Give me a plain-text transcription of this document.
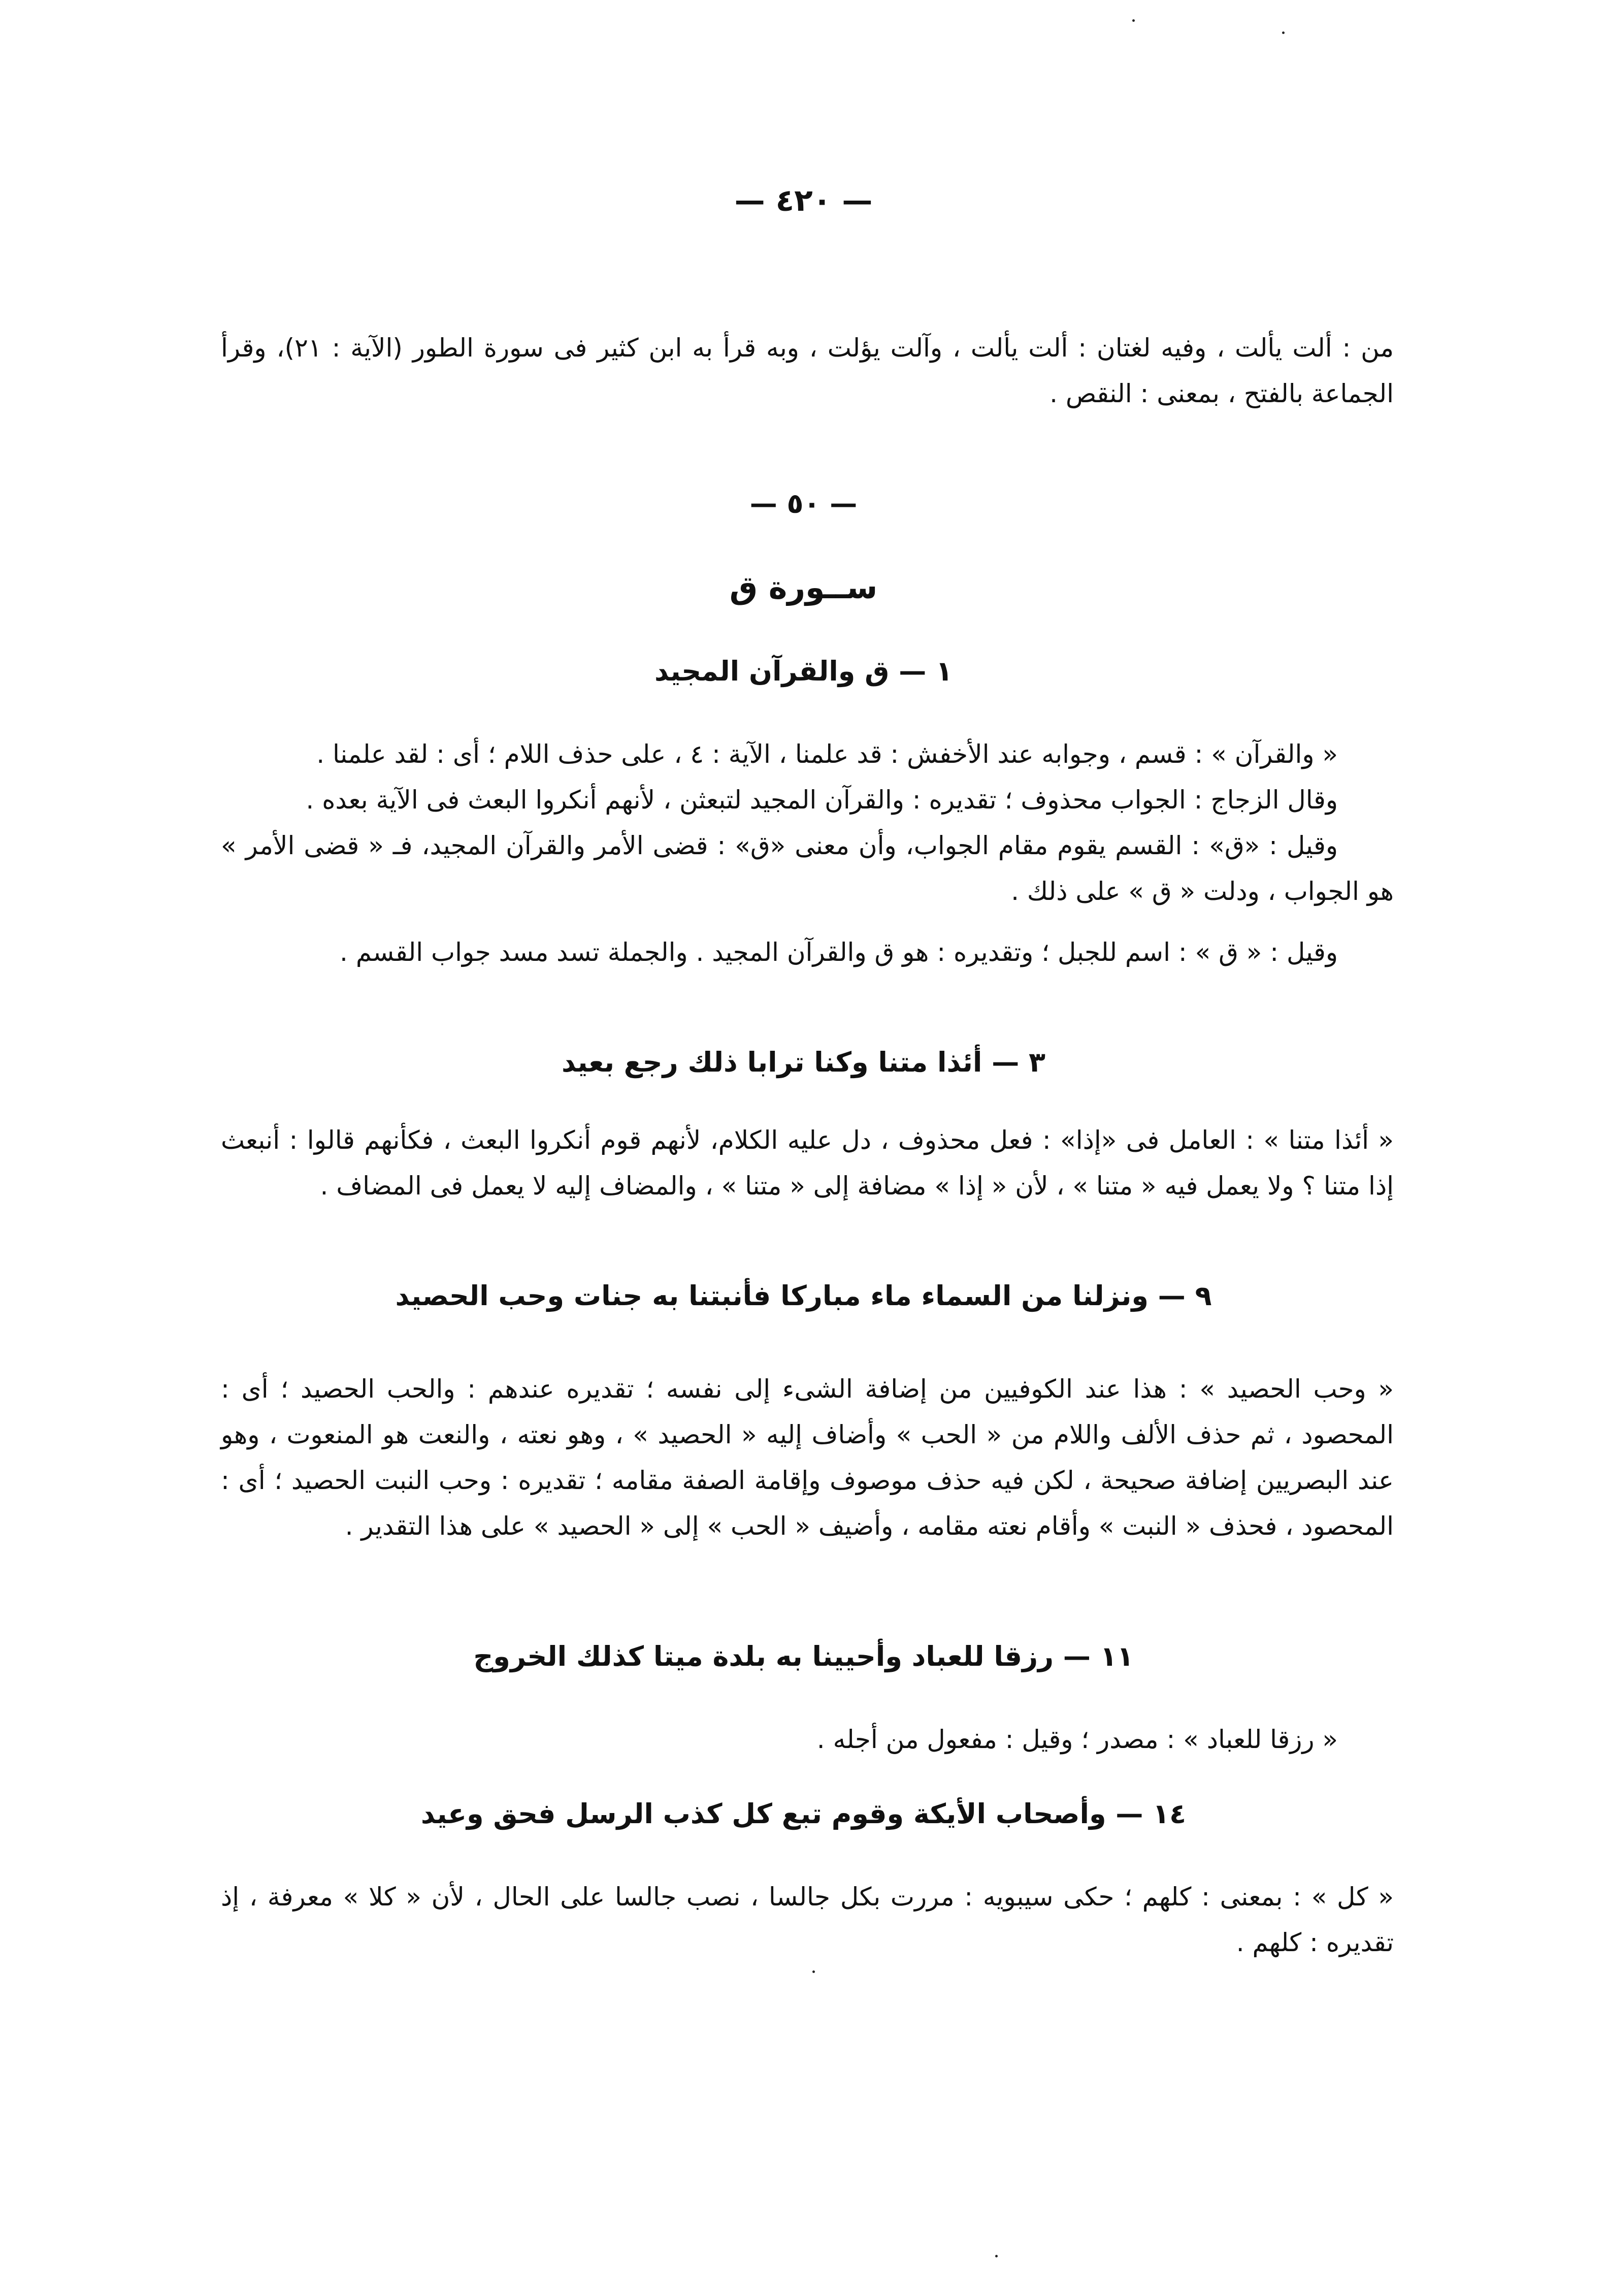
— ٤٢٠ —

من : ألت يألت ، وفيه لغتان : ألت يألت ، وآلت يؤلت ، وبه قرأ به ابن كثير فى سورة الطور (الآية : ٢١)، وقرأ الجماعة بالفتح ، بمعنى : النقص .

— ٥٠ —
ســورة ق
١ — ق والقرآن المجيد

« والقرآن » : قسم ، وجوابه عند الأخفش : قد علمنا ، الآية : ٤ ، على حذف اللام ؛ أى : لقد علمنا .

وقال الزجاج : الجواب محذوف ؛ تقديره : والقرآن المجيد لتبعثن ، لأنهم أنكروا البعث فى الآية بعده .

وقيل : «ق» : القسم يقوم مقام الجواب، وأن معنى «ق» : قضى الأمر والقرآن المجيد، فـ « قضى الأمر » هو الجواب ، ودلت « ق » على ذلك .

وقيل : « ق » : اسم للجبل ؛ وتقديره : هو ق والقرآن المجيد . والجملة تسد مسد جواب القسم .

٣ — أئذا متنا وكنا ترابا ذلك رجع بعيد

« أئذا متنا » : العامل فى «إذا» : فعل محذوف ، دل عليه الكلام، لأنهم قوم أنكروا البعث ، فكأنهم قالوا : أنبعث إذا متنا ؟ ولا يعمل فيه « متنا » ، لأن « إذا » مضافة إلى « متنا » ، والمضاف إليه لا يعمل فى المضاف .

٩ — ونزلنا من السماء ماء مباركا فأنبتنا به جنات وحب الحصيد

« وحب الحصيد » : هذا عند الكوفيين من إضافة الشىء إلى نفسه ؛ تقديره عندهم : والحب الحصيد ؛ أى : المحصود ، ثم حذف الألف واللام من « الحب » وأضاف إليه « الحصيد » ، وهو نعته ، والنعت هو المنعوت ، وهو عند البصريين إضافة صحيحة ، لكن فيه حذف موصوف وإقامة الصفة مقامه ؛ تقديره : وحب النبت الحصيد ؛ أى : المحصود ، فحذف « النبت » وأقام نعته مقامه ، وأضيف « الحب » إلى « الحصيد » على هذا التقدير .

١١ — رزقا للعباد وأحيينا به بلدة ميتا كذلك الخروج

« رزقا للعباد » : مصدر ؛ وقيل : مفعول من أجله .

١٤ — وأصحاب الأيكة وقوم تبع كل كذب الرسل فحق وعيد

« كل » : بمعنى : كلهم ؛ حكى سيبويه : مررت بكل جالسا ، نصب جالسا على الحال ، لأن « كلا » معرفة ، إذ تقديره : كلهم .
